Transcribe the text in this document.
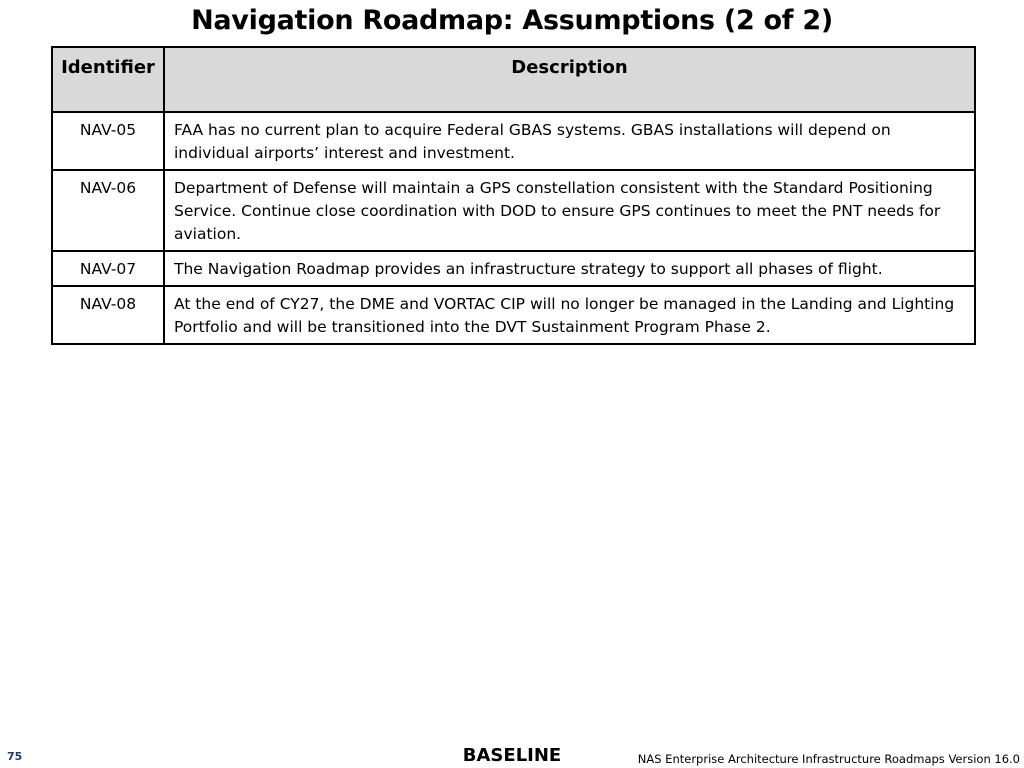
Navigation Roadmap: Assumptions (2 of 2)
Identifier	Description
NAV-05	FAA has no current plan to acquire Federal GBAS systems. GBAS installations will depend on individual airports’ interest and investment.
NAV-06	Department of Defense will maintain a GPS constellation consistent with the Standard Positioning Service. Continue close coordination with DOD to ensure GPS continues to meet the PNT needs for aviation.
NAV-07	The Navigation Roadmap provides an infrastructure strategy to support all phases of flight.
NAV-08	At the end of CY27, the DME and VORTAC CIP will no longer be managed in the Landing and Lighting Portfolio and will be transitioned into the DVT Sustainment Program Phase 2.
75	BASELINE	NAS Enterprise Architecture Infrastructure Roadmaps Version 16.0
